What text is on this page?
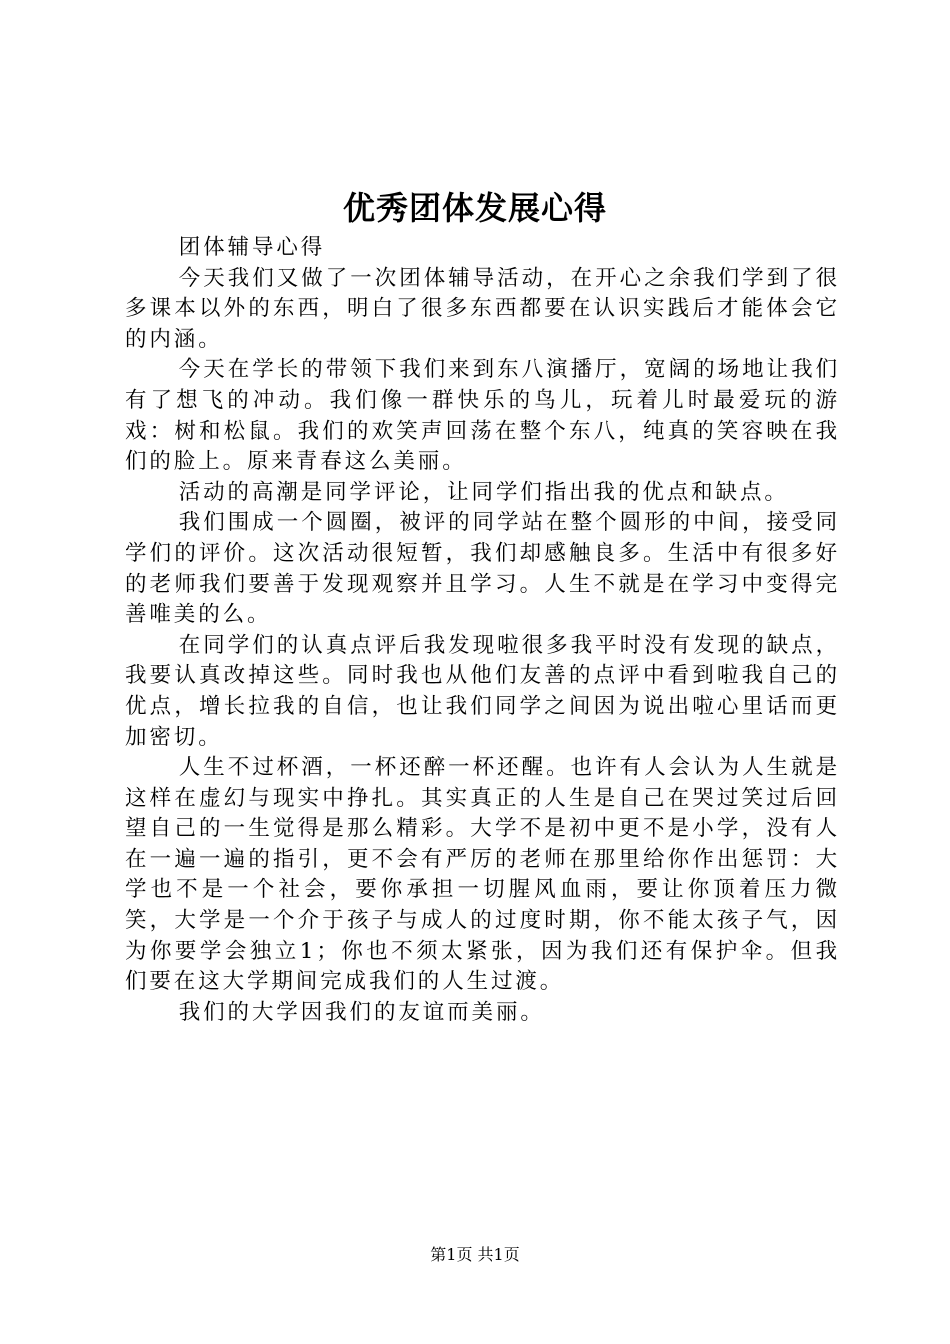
优秀团体发展心得

团体辅导心得

今天我们又做了一次团体辅导活动，在开心之余我们学到了很多课本以外的东西，明白了很多东西都要在认识实践后才能体会它的内涵。

今天在学长的带领下我们来到东八演播厅，宽阔的场地让我们有了想飞的冲动。我们像一群快乐的鸟儿，玩着儿时最爱玩的游戏：树和松鼠。我们的欢笑声回荡在整个东八，纯真的笑容映在我们的脸上。原来青春这么美丽。

活动的高潮是同学评论，让同学们指出我的优点和缺点。

我们围成一个圆圈，被评的同学站在整个圆形的中间，接受同学们的评价。这次活动很短暂，我们却感触良多。生活中有很多好的老师我们要善于发现观察并且学习。人生不就是在学习中变得完善唯美的么。

在同学们的认真点评后我发现啦很多我平时没有发现的缺点，我要认真改掉这些。同时我也从他们友善的点评中看到啦我自己的优点，增长拉我的自信，也让我们同学之间因为说出啦心里话而更加密切。

人生不过杯酒，一杯还醉一杯还醒。也许有人会认为人生就是这样在虚幻与现实中挣扎。其实真正的人生是自己在哭过笑过后回望自己的一生觉得是那么精彩。大学不是初中更不是小学，没有人在一遍一遍的指引，更不会有严厉的老师在那里给你作出惩罚：大学也不是一个社会，要你承担一切腥风血雨，要让你顶着压力微笑，大学是一个介于孩子与成人的过度时期，你不能太孩子气，因为你要学会独立1；你也不须太紧张，因为我们还有保护伞。但我们要在这大学期间完成我们的人生过渡。

我们的大学因我们的友谊而美丽。

第1页 共1页
